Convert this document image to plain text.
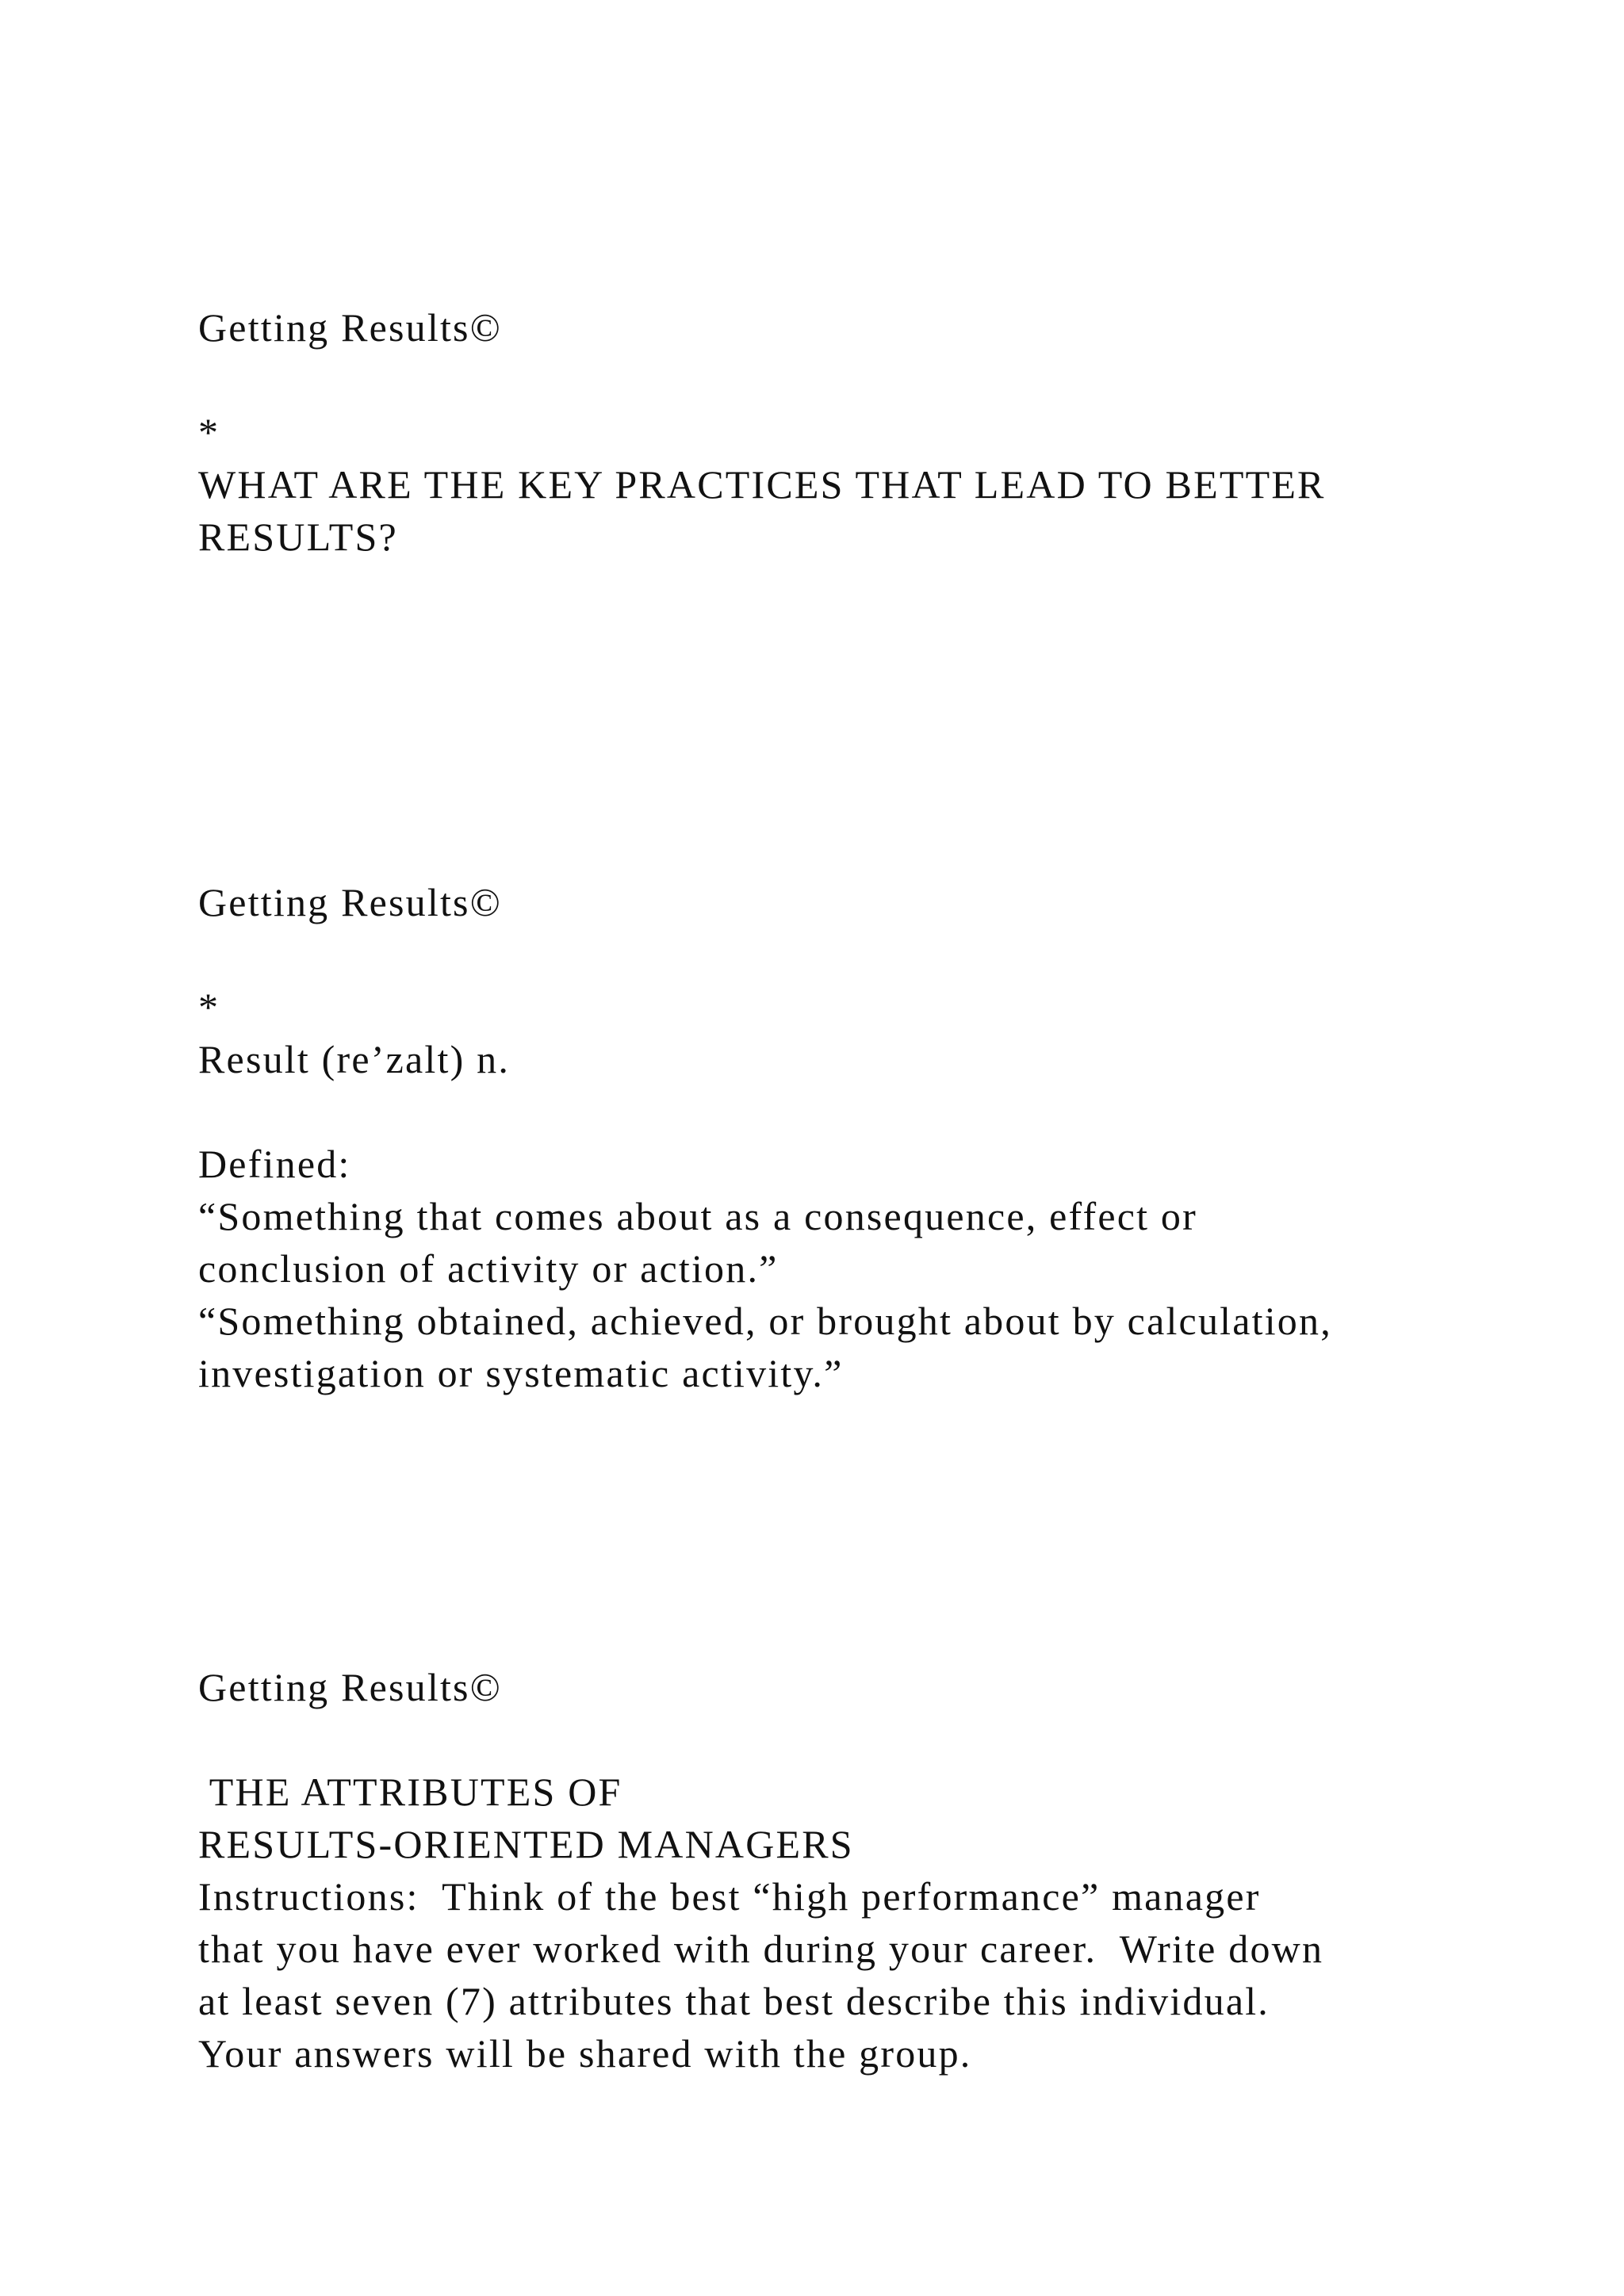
Getting Results©

*

WHAT ARE THE KEY PRACTICES THAT LEAD TO BETTER

RESULTS?

Getting Results©

*

Result (re’zalt) n.

Defined:

“Something that comes about as a consequence, effect or

conclusion of activity or action.”

“Something obtained, achieved, or brought about by calculation,

investigation or systematic activity.”

Getting Results©

THE ATTRIBUTES OF

RESULTS-ORIENTED MANAGERS

Instructions:  Think of the best “high performance” manager

that you have ever worked with during your career.  Write down

at least seven (7) attributes that best describe this individual.

Your answers will be shared with the group.
